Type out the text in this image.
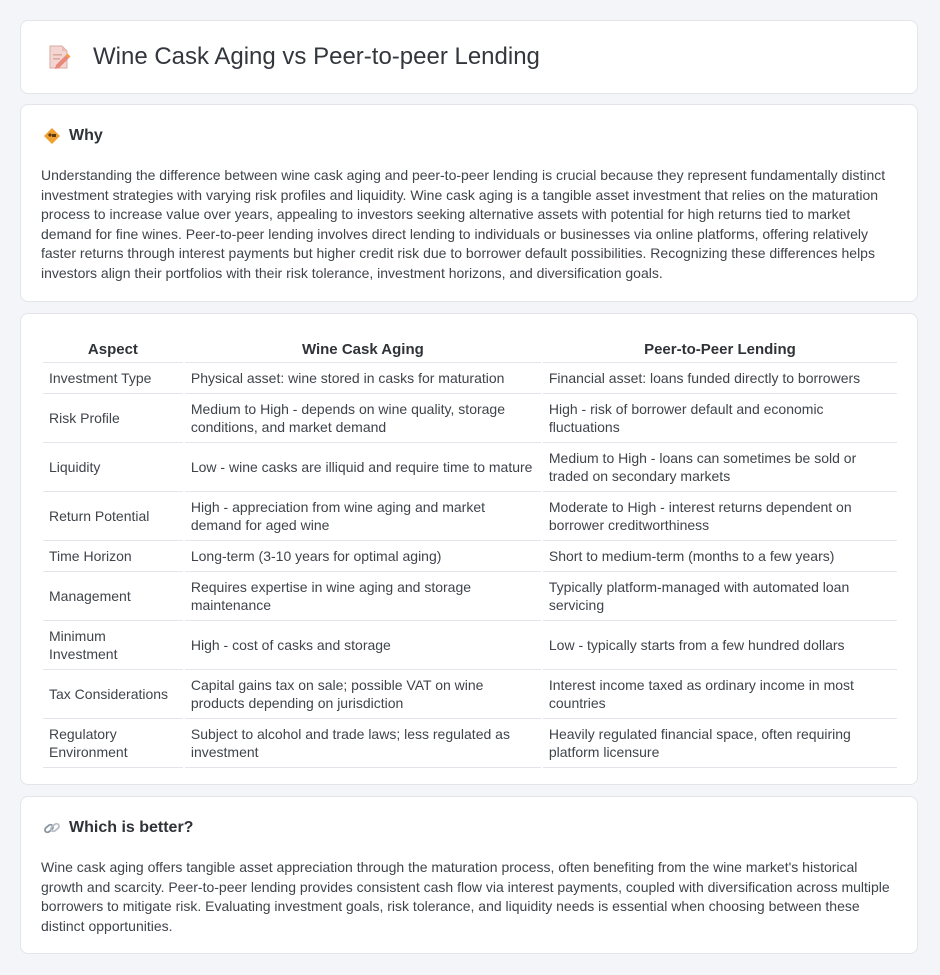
Wine Cask Aging vs Peer-to-peer Lending
Why

Understanding the difference between wine cask aging and peer-to-peer lending is crucial because they represent fundamentally distinct investment strategies with varying risk profiles and liquidity. Wine cask aging is a tangible asset investment that relies on the maturation process to increase value over years, appealing to investors seeking alternative assets with potential for high returns tied to market demand for fine wines. Peer-to-peer lending involves direct lending to individuals or businesses via online platforms, offering relatively faster returns through interest payments but higher credit risk due to borrower default possibilities. Recognizing these differences helps investors align their portfolios with their risk tolerance, investment horizons, and diversification goals.

Aspect	Wine Cask Aging	Peer-to-Peer Lending
Investment Type	Physical asset: wine stored in casks for maturation	Financial asset: loans funded directly to borrowers
Risk Profile	Medium to High - depends on wine quality, storage conditions, and market demand	High - risk of borrower default and economic fluctuations
Liquidity	Low - wine casks are illiquid and require time to mature	Medium to High - loans can sometimes be sold or traded on secondary markets
Return Potential	High - appreciation from wine aging and market demand for aged wine	Moderate to High - interest returns dependent on borrower creditworthiness
Time Horizon	Long-term (3-10 years for optimal aging)	Short to medium-term (months to a few years)
Management	Requires expertise in wine aging and storage maintenance	Typically platform-managed with automated loan servicing
Minimum Investment	High - cost of casks and storage	Low - typically starts from a few hundred dollars
Tax Considerations	Capital gains tax on sale; possible VAT on wine products depending on jurisdiction	Interest income taxed as ordinary income in most countries
Regulatory Environment	Subject to alcohol and trade laws; less regulated as investment	Heavily regulated financial space, often requiring platform licensure
Which is better?

Wine cask aging offers tangible asset appreciation through the maturation process, often benefiting from the wine market's historical growth and scarcity. Peer-to-peer lending provides consistent cash flow via interest payments, coupled with diversification across multiple borrowers to mitigate risk. Evaluating investment goals, risk tolerance, and liquidity needs is essential when choosing between these distinct opportunities.
